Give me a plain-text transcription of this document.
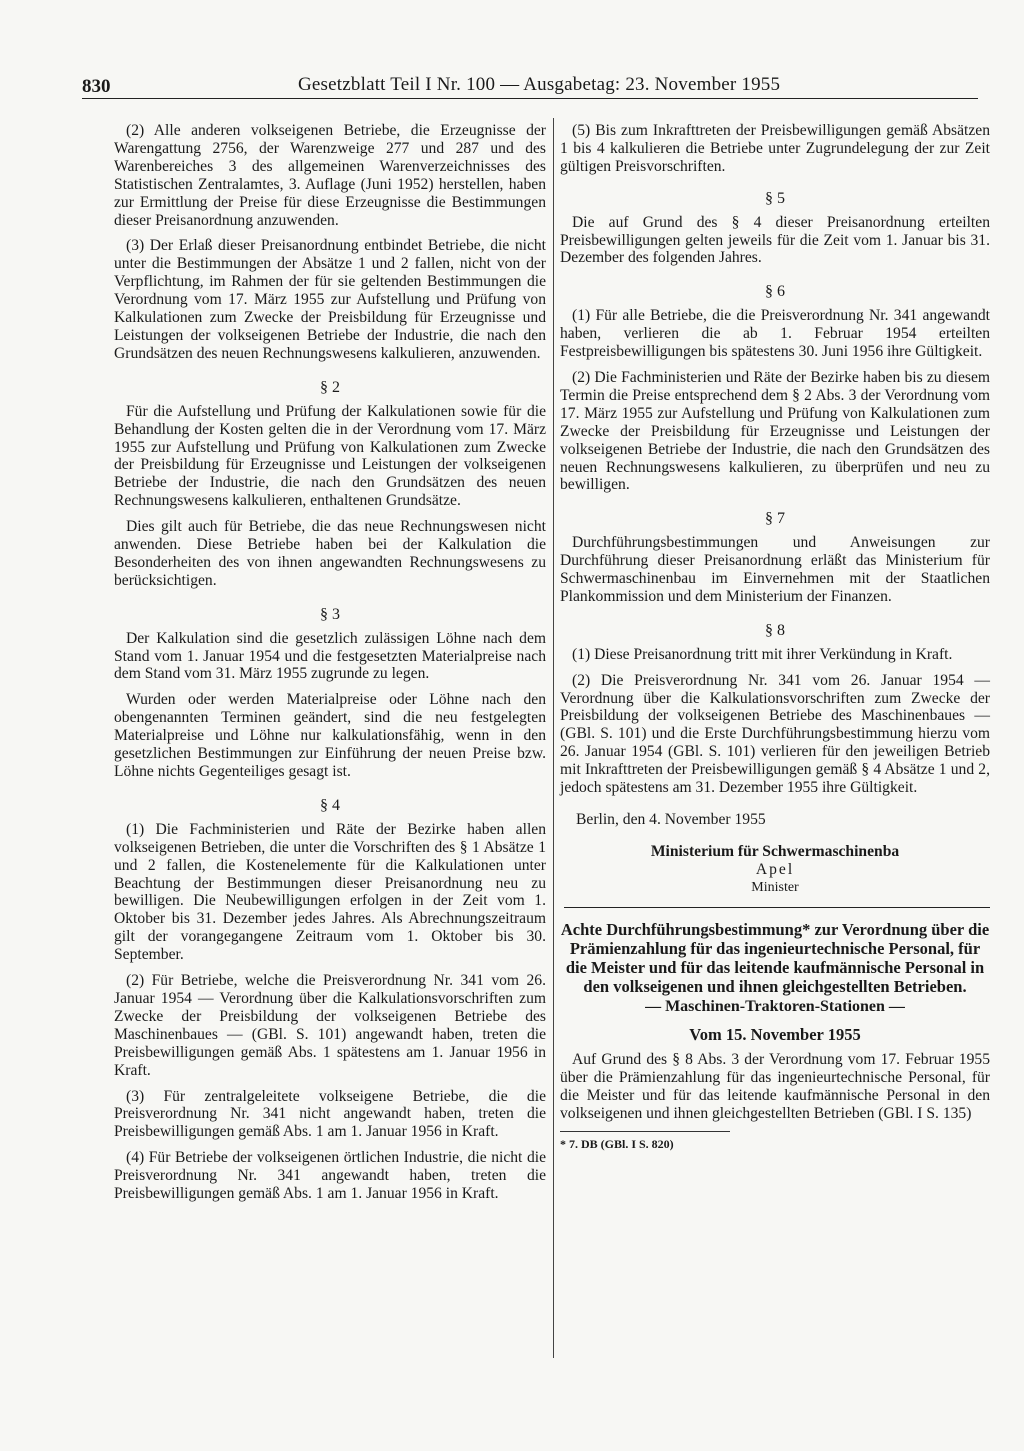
830	Gesetzblatt Teil I Nr. 100 — Ausgabetag: 23. November 1955

(2) Alle anderen volkseigenen Betriebe, die Erzeugnisse der Warengattung 2756, der Warenzweige 277 und 287 und des Warenbereiches 3 des allgemeinen Warenverzeichnisses des Statistischen Zentralamtes, 3. Auflage (Juni 1952) herstellen, haben zur Ermittlung der Preise für diese Erzeugnisse die Bestimmungen dieser Preisanordnung anzuwenden.

(3) Der Erlaß dieser Preisanordnung entbindet Betriebe, die nicht unter die Bestimmungen der Absätze 1 und 2 fallen, nicht von der Verpflichtung, im Rahmen der für sie geltenden Bestimmungen die Verordnung vom 17. März 1955 zur Aufstellung und Prüfung von Kalkulationen zum Zwecke der Preisbildung für Erzeugnisse und Leistungen der volkseigenen Betriebe der Industrie, die nach den Grundsätzen des neuen Rechnungswesens kalkulieren, anzuwenden.

§ 2

Für die Aufstellung und Prüfung der Kalkulationen sowie für die Behandlung der Kosten gelten die in der Verordnung vom 17. März 1955 zur Aufstellung und Prüfung von Kalkulationen zum Zwecke der Preisbildung für Erzeugnisse und Leistungen der volkseigenen Betriebe der Industrie, die nach den Grundsätzen des neuen Rechnungswesens kalkulieren, enthaltenen Grundsätze.

Dies gilt auch für Betriebe, die das neue Rechnungswesen nicht anwenden. Diese Betriebe haben bei der Kalkulation die Besonderheiten des von ihnen angewandten Rechnungswesens zu berücksichtigen.

§ 3

Der Kalkulation sind die gesetzlich zulässigen Löhne nach dem Stand vom 1. Januar 1954 und die festgesetzten Materialpreise nach dem Stand vom 31. März 1955 zugrunde zu legen.

Wurden oder werden Materialpreise oder Löhne nach den obengenannten Terminen geändert, sind die neu festgelegten Materialpreise und Löhne nur kalkulationsfähig, wenn in den gesetzlichen Bestimmungen zur Einführung der neuen Preise bzw. Löhne nichts Gegenteiliges gesagt ist.

§ 4

(1) Die Fachministerien und Räte der Bezirke haben allen volkseigenen Betrieben, die unter die Vorschriften des § 1 Absätze 1 und 2 fallen, die Kostenelemente für die Kalkulationen unter Beachtung der Bestimmungen dieser Preisanordnung neu zu bewilligen. Die Neubewilligungen erfolgen in der Zeit vom 1. Oktober bis 31. Dezember jedes Jahres. Als Abrechnungszeitraum gilt der vorangegangene Zeitraum vom 1. Oktober bis 30. September.

(2) Für Betriebe, welche die Preisverordnung Nr. 341 vom 26. Januar 1954 — Verordnung über die Kalkulationsvorschriften zum Zwecke der Preisbildung der volkseigenen Betriebe des Maschinenbaues — (GBl. S. 101) angewandt haben, treten die Preisbewilligungen gemäß Abs. 1 spätestens am 1. Januar 1956 in Kraft.

(3) Für zentralgeleitete volkseigene Betriebe, die die Preisverordnung Nr. 341 nicht angewandt haben, treten die Preisbewilligungen gemäß Abs. 1 am 1. Januar 1956 in Kraft.

(4) Für Betriebe der volkseigenen örtlichen Industrie, die nicht die Preisverordnung Nr. 341 angewandt haben, treten die Preisbewilligungen gemäß Abs. 1 am 1. Januar 1956 in Kraft.

(5) Bis zum Inkrafttreten der Preisbewilligungen gemäß Absätzen 1 bis 4 kalkulieren die Betriebe unter Zugrundelegung der zur Zeit gültigen Preisvorschriften.

§ 5

Die auf Grund des § 4 dieser Preisanordnung erteilten Preisbewilligungen gelten jeweils für die Zeit vom 1. Januar bis 31. Dezember des folgenden Jahres.

§ 6

(1) Für alle Betriebe, die die Preisverordnung Nr. 341 angewandt haben, verlieren die ab 1. Februar 1954 erteilten Festpreisbewilligungen bis spätestens 30. Juni 1956 ihre Gültigkeit.

(2) Die Fachministerien und Räte der Bezirke haben bis zu diesem Termin die Preise entsprechend dem § 2 Abs. 3 der Verordnung vom 17. März 1955 zur Aufstellung und Prüfung von Kalkulationen zum Zwecke der Preisbildung für Erzeugnisse und Leistungen der volkseigenen Betriebe der Industrie, die nach den Grundsätzen des neuen Rechnungswesens kalkulieren, zu überprüfen und neu zu bewilligen.

§ 7

Durchführungsbestimmungen und Anweisungen zur Durchführung dieser Preisanordnung erläßt das Ministerium für Schwermaschinenbau im Einvernehmen mit der Staatlichen Plankommission und dem Ministerium der Finanzen.

§ 8

(1) Diese Preisanordnung tritt mit ihrer Verkündung in Kraft.

(2) Die Preisverordnung Nr. 341 vom 26. Januar 1954 — Verordnung über die Kalkulationsvorschriften zum Zwecke der Preisbildung der volkseigenen Betriebe des Maschinenbaues — (GBl. S. 101) und die Erste Durchführungsbestimmung hierzu vom 26. Januar 1954 (GBl. S. 101) verlieren für den jeweiligen Betrieb mit Inkrafttreten der Preisbewilligungen gemäß § 4 Absätze 1 und 2, jedoch spätestens am 31. Dezember 1955 ihre Gültigkeit.

Berlin, den 4. November 1955

Ministerium für Schwermaschinenba

Apel

Minister

Achte Durchführungsbestimmung* zur Verordnung über die Prämienzahlung für das ingenieurtechnische Personal, für die Meister und für das leitende kaufmännische Personal in den volkseigenen und ihnen gleichgestellten Betrieben.

— Maschinen-Traktoren-Stationen —

Vom 15. November 1955

Auf Grund des § 8 Abs. 3 der Verordnung vom 17. Februar 1955 über die Prämienzahlung für das ingenieurtechnische Personal, für die Meister und für das leitende kaufmännische Personal in den volkseigenen und ihnen gleichgestellten Betrieben (GBl. I S. 135)

* 7. DB (GBl. I S. 820)
